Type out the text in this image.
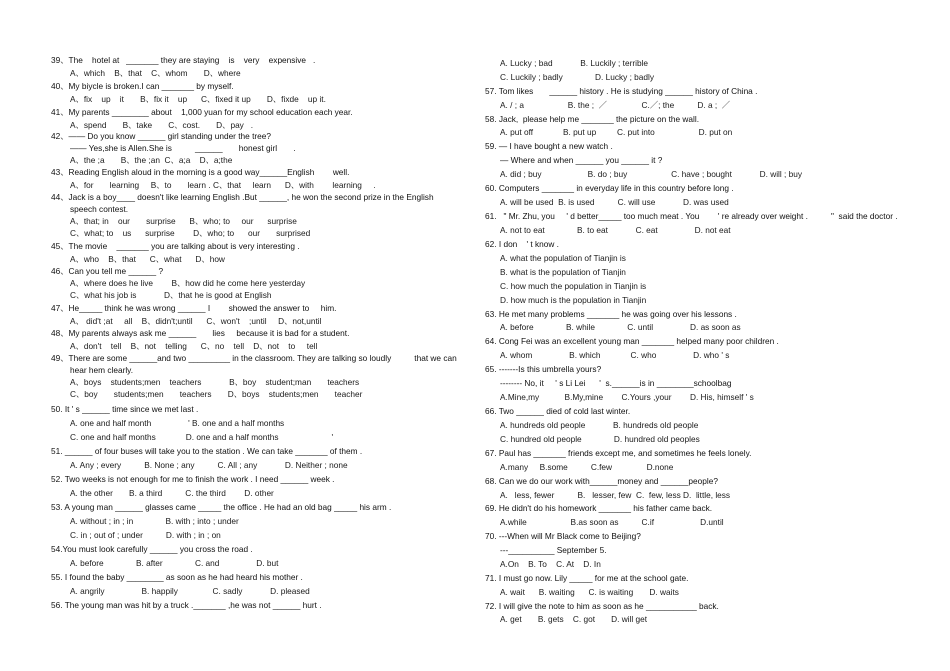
39、The    hotel at   _______ they are staying    is    very    expensive   .
A、which    B、that    C、whom       D、where
40、My biycle is broken.I can _______ by myself.
A、fix    up    it       B、fix it    up      C、fixed it up       D、fixde    up it.
41、My parents ________ about    1,000 yuan for my school education each year.
A、spend       B、take       C、cost.       D、pay   .
42、—— Do you know ______ girl standing under the tree?
—— Yes,she is Allen.She is          ______       honest girl       .
A、the ;a       B、the ;an  C、a;a    D、a;the
43、Reading English aloud in the morning is a good way______English        well.
A、for       learning     B、to       learn . C、that     learn      D、with        learning     .
44、Jack is a boy____ doesn't like learning English .But ______, he won the second prize in the English
speech contest.
A、that; in    our       surprise      B、who; to     our      surprise
C、what; to    us      surprise        D、who; to      our       surprised
45、The movie    _______ you are talking about is very interesting .
A、who    B、that      C、what      D、how
46、Can you tell me ______ ?
A、where does he live        B、how did he come here yesterday
C、what his job is            D、that he is good at English
47、He_____ think he was wrong ______ I        showed the answer to     him.
A、 did't ;at     all    B、didn't;until      C、won't    ;until     D、not,until
48、My parents always ask me ______       lies     because it is bad for a student.
A、don't    tell    B、not    telling      C、no    tell    D、not    to     tell
49、There are some ______and two _________ in the classroom. They are talking so loudly          that we can
hear hem clearly.
A、boys    students;men    teachers            B、boy    student;man       teachers
C、boy       students;men       teachers       D、boys    students;men       teacher
50. It ' s ______ time since we met last .
A. one and half month                ' B. one and a half months
C. one and half months             D. one and a half months                       '
51. ______ of four buses will take you to the station . We can take _______ of them .
A. Any ; every          B. None ; any          C. All ; any            D. Neither ; none
52. Two weeks is not enough for me to finish the work . I need ______ week .
A. the other       B. a third          C. the third        D. other
53. A young man ______ glasses came _____ the office . He had an old bag _____ his arm .
A. without ; in ; in              B. with ; into ; under
C. in ; out of ; under          D. with ; in ; on
54.You must look carefully ______ you cross the road .
A. before              B. after              C. and                D. but
55. I found the baby ________ as soon as he had heard his mother .
A. angrily                B. happily               C. sadly            D. pleased
56. The young man was hit by a truck ._______ ,he was not ______ hurt .
A. Lucky ; bad            B. Luckily ; terrible
C. Luckily ; badly              D. Lucky ; badly
57. Tom likes       ______ history . He is studying ______ history of China .
A. / ; a                   B. the ;  ／               C.／; the          D. a ;  ／
58. Jack,  please help me _______ the picture on the wall.
A. put off             B. put up         C. put into                   D. put on
59. — I have bought a new watch .
— Where and when ______ you ______ it ?
A. did ; buy                    B. do ; buy                   C. have ; bought            D. will ; buy
60. Computers _______ in everyday life in this country before long .
A. will be used  B. is used          C. will use            D. was used
61.   " Mr. Zhu, you     ' d better_____ too much meat . You        ' re already over weight .          "  said the doctor .
A. not to eat              B. to eat            C. eat                D. not eat
62. I don    ' t know .
A. what the population of Tianjin is
B. what is the population of Tianjin
C. how much the population in Tianjin is
D. how much is the population in Tianjin
63. He met many problems _______ he was going over his lessons .
A. before              B. while              C. until                D. as soon as
64. Cong Fei was an excellent young man _______ helped many poor children .
A. whom                B. which             C. who                D. who ' s
65. -------Is this umbrella yours?
-------- No, it     ' s Li Lei      '  s.______is in ________schoolbag
A.Mine,my           B.My,mine        C.Yours ,your        D. His, himself ' s
66. Two ______ died of cold last winter.
A. hundreds old people            B. hundreds old people
C. hundred old people              D. hundred old peoples
67. Paul has _______ friends except me, and sometimes he feels lonely.
A.many     B.some          C.few               D.none
68. Can we do our work with______money and ______people?
A.   less, fewer          B.   lesser, few  C.  few, less D.  little, less
69. He didn't do his homework _______ his father came back.
A.while                   B.as soon as          C.if                    D.until
70. ---When will Mr Black come to Beijing?
---__________ September 5.
A.On    B. To    C. At    D. In
71. I must go now. Lily _____ for me at the school gate.
A. wait      B. waiting      C. is waiting       D. waits
72. I will give the note to him as soon as he ___________ back.
A. get       B. gets    C. got       D. will get
